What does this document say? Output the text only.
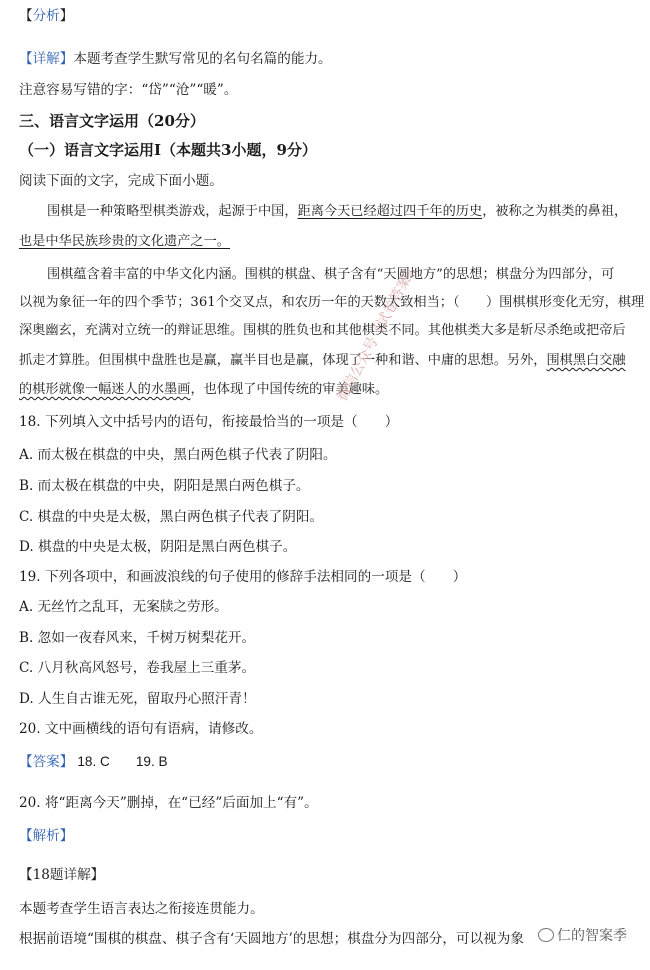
【分析】
【详解】本题考查学生默写常见的名句名篇的能力。
注意容易写错的字：“岱”“沧”“暖”。
三、语言文字运用（20分）
（一）语言文字运用Ⅰ（本题共3小题，9分）
阅读下面的文字，完成下面小题。
围棋是一种策略型棋类游戏，起源于中国，距离今天已经超过四千年的历史，被称之为棋类的鼻祖，
也是中华民族珍贵的文化遗产之一。
围棋蕴含着丰富的中华文化内涵。围棋的棋盘、棋子含有“天圆地方”的思想；棋盘分为四部分，可
以视为象征一年的四个季节；361个交叉点，和农历一年的天数大致相当；（　　）围棋棋形变化无穷，棋理
深奥幽玄，充满对立统一的辩证思维。围棋的胜负也和其他棋类不同。其他棋类大多是斩尽杀绝或把帝后
抓走才算胜。但围棋中盘胜也是赢，赢半目也是赢，体现了一种和谐、中庸的思想。另外，围棋黑白交融
的棋形就像一幅迷人的水墨画，也体现了中国传统的审美趣味。
18. 下列填入文中括号内的语句，衔接最恰当的一项是（　　）
A. 而太极在棋盘的中央，黑白两色棋子代表了阴阳。
B. 而太极在棋盘的中央，阴阳是黑白两色棋子。
C. 棋盘的中央是太极，黑白两色棋子代表了阴阳。
D. 棋盘的中央是太极，阴阳是黑白两色棋子。
19. 下列各项中，和画波浪线的句子使用的修辞手法相同的一项是（　　）
A. 无丝竹之乱耳，无案牍之劳形。
B. 忽如一夜春风来，千树万树梨花开。
C. 八月秋高风怒号，卷我屋上三重茅。
D. 人生自古谁无死，留取丹心照汗青！
20. 文中画横线的语句有语病，请修改。
【答案】 18. C 19. B
20. 将“距离今天”删掉，在“已经”后面加上“有”。
【解析】
【18题详解】
本题考查学生语言表达之衔接连贯能力。
根据前语境“围棋的棋盘、棋子含有‘天圆地方’的思想；棋盘分为四部分，可以视为象
微信公众号《试卷答案》
仁的智案季
